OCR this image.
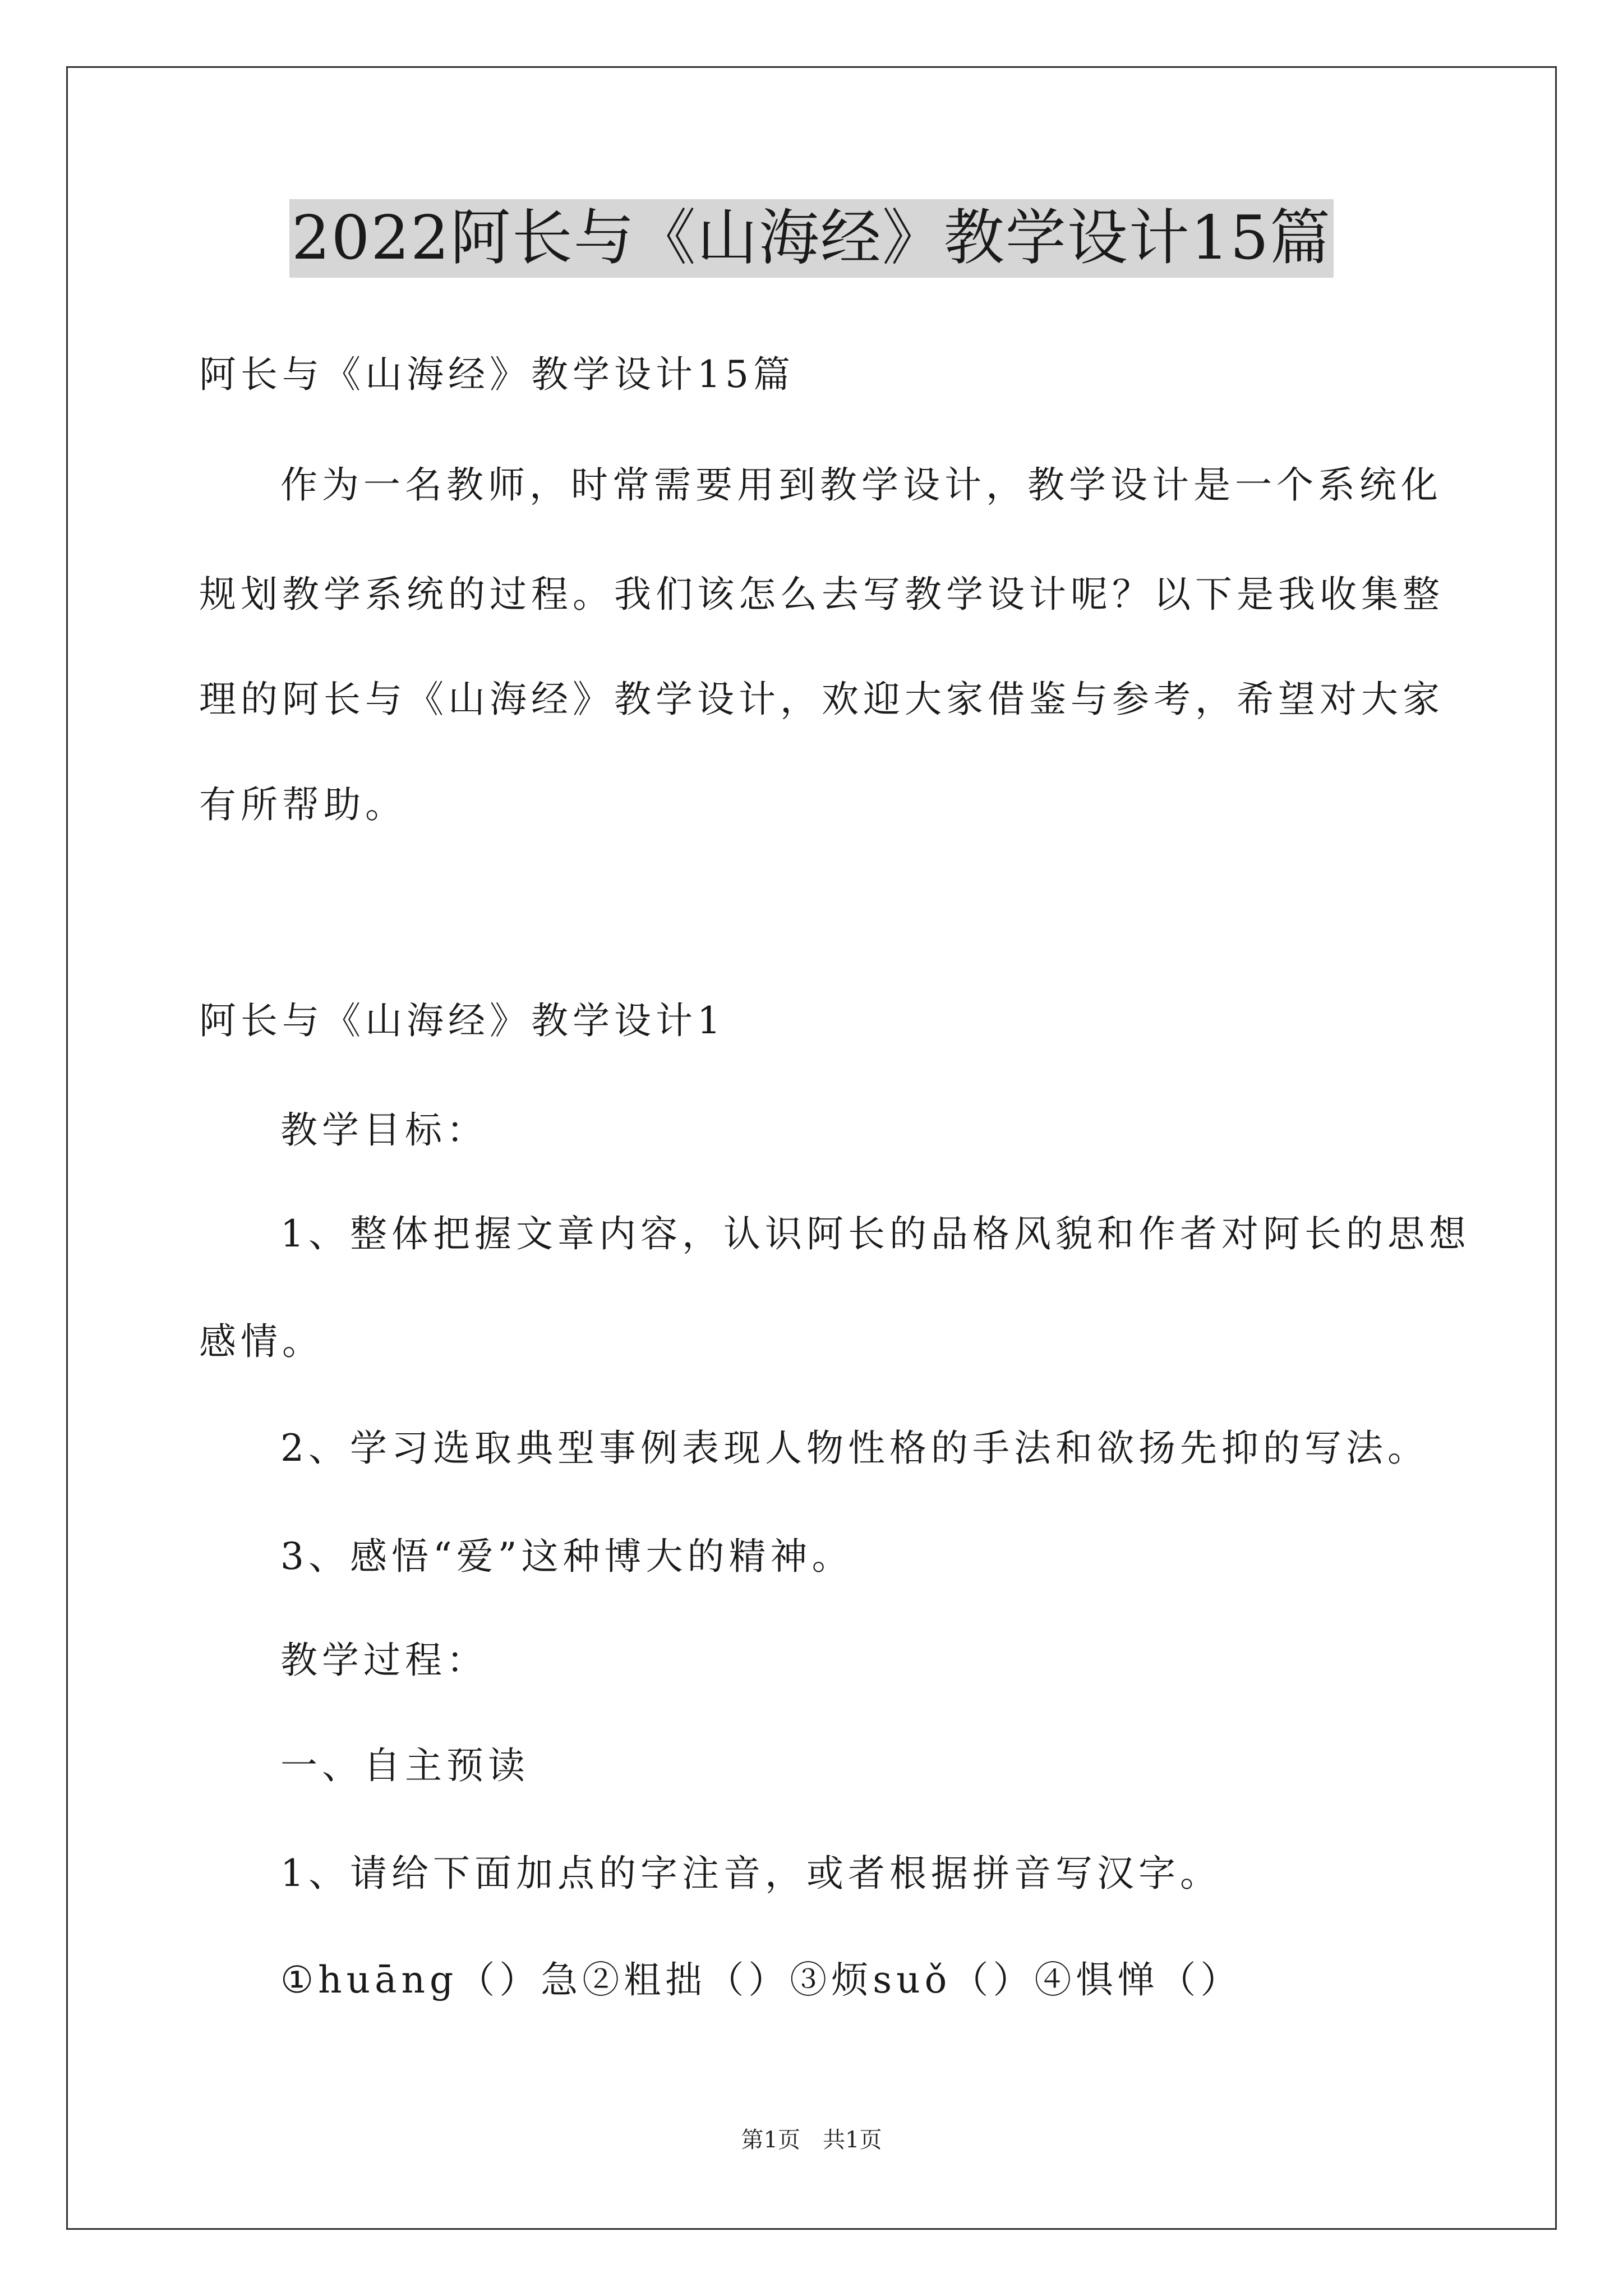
2022阿长与《山海经》教学设计15篇
阿长与《山海经》教学设计15篇
作为一名教师，时常需要用到教学设计，教学设计是一个系统化
规划教学系统的过程。我们该怎么去写教学设计呢？以下是我收集整
理的阿长与《山海经》教学设计，欢迎大家借鉴与参考，希望对大家
有所帮助。
阿长与《山海经》教学设计1
教学目标：
1、整体把握文章内容，认识阿长的品格风貌和作者对阿长的思想
感情。
2、学习选取典型事例表现人物性格的手法和欲扬先抑的写法。
3、感悟“爱”这种博大的精神。
教学过程：
一、自主预读
1、请给下面加点的字注音，或者根据拼音写汉字。
①huāng（）急②粗拙（）③烦suǒ（）④惧惮（）
第1页　共1页
